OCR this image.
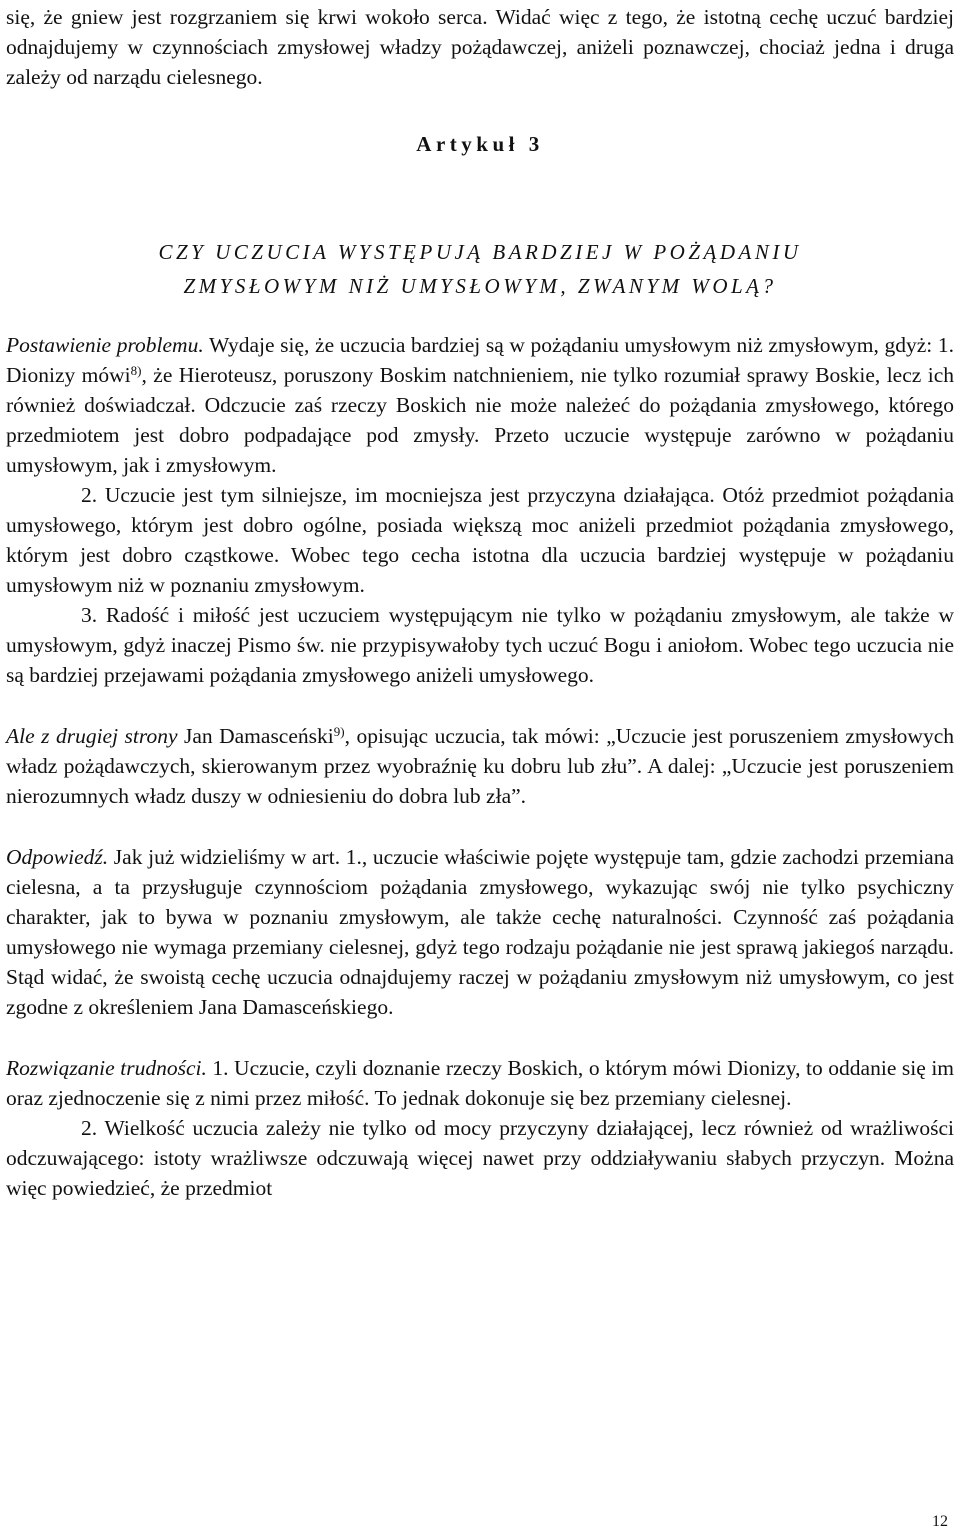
się, że gniew jest rozgrzaniem się krwi wokoło serca. Widać więc z tego, że istotną cechę uczuć bardziej odnajdujemy w czynnościach zmysłowej władzy pożądawczej, aniżeli poznawczej, chociaż jedna i druga zależy od narządu cielesnego.

Artykuł 3
CZY UCZUCIA WYSTĘPUJĄ BARDZIEJ W POŻĄDANIU
ZMYSŁOWYM NIŻ UMYSŁOWYM, ZWANYM WOLĄ?

Postawienie problemu. Wydaje się, że uczucia bardziej są w pożądaniu umysłowym niż zmysłowym, gdyż: 1. Dionizy mówi$^{8)}$, że Hieroteusz, poruszony Boskim natchnieniem, nie tylko rozumiał sprawy Boskie, lecz ich również doświadczał. Odczucie zaś rzeczy Boskich nie może należeć do pożądania zmysłowego, którego przedmiotem jest dobro podpadające pod zmysły. Przeto uczucie występuje zarówno w pożądaniu umysłowym, jak i zmysłowym.

2. Uczucie jest tym silniejsze, im mocniejsza jest przyczyna działająca. Otóż przedmiot pożądania umysłowego, którym jest dobro ogólne, posiada większą moc aniżeli przedmiot pożądania zmysłowego, którym jest dobro cząstkowe. Wobec tego cecha istotna dla uczucia bardziej występuje w pożądaniu umysłowym niż w poznaniu zmysłowym.

3. Radość i miłość jest uczuciem występującym nie tylko w pożądaniu zmysłowym, ale także w umysłowym, gdyż inaczej Pismo św. nie przypisywałoby tych uczuć Bogu i aniołom. Wobec tego uczucia nie są bardziej przejawami pożądania zmysłowego aniżeli umysłowego.

Ale z drugiej strony Jan Damasceński$^{9)}$, opisując uczucia, tak mówi: „Uczucie jest poruszeniem zmysłowych władz pożądawczych, skierowanym przez wyobraźnię ku dobru lub złu”. A dalej: „Uczucie jest poruszeniem nierozumnych władz duszy w odniesieniu do dobra lub zła”.

Odpowiedź. Jak już widzieliśmy w art. 1., uczucie właściwie pojęte występuje tam, gdzie zachodzi przemiana cielesna, a ta przysługuje czynnościom pożądania zmysłowego, wykazując swój nie tylko psychiczny charakter, jak to bywa w poznaniu zmysłowym, ale także cechę naturalności. Czynność zaś pożądania umysłowego nie wymaga przemiany cielesnej, gdyż tego rodzaju pożądanie nie jest sprawą jakiegoś narządu. Stąd widać, że swoistą cechę uczucia odnajdujemy raczej w pożądaniu zmysłowym niż umysłowym, co jest zgodne z określeniem Jana Damasceńskiego.

Rozwiązanie trudności. 1. Uczucie, czyli doznanie rzeczy Boskich, o którym mówi Dionizy, to oddanie się im oraz zjednoczenie się z nimi przez miłość. To jednak dokonuje się bez przemiany cielesnej.

2. Wielkość uczucia zależy nie tylko od mocy przyczyny działającej, lecz również od wrażliwości odczuwającego: istoty wrażliwsze odczuwają więcej nawet przy oddziaływaniu słabych przyczyn. Można więc powiedzieć, że przedmiot

12
